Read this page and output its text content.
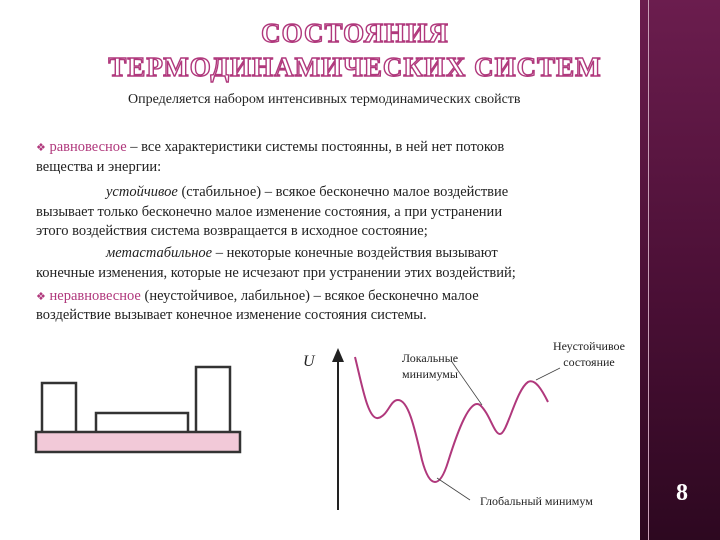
СОСТОЯНИЯ
ТЕРМОДИНАМИЧЕСКИХ СИСТЕМ
Определяется набором интенсивных термодинамических свойств
❖ равновесное – все характеристики системы постоянны, в ней нет потоков
вещества и энергии:
устойчивое (стабильное) – всякое бесконечно малое воздействие
вызывает только бесконечно малое изменение состояния, а при устранении
этого воздействия система возвращается в исходное состояние;
метастабильное – некоторые конечные воздействия вызывают
конечные изменения, которые не исчезают при устранении этих воздействий;
❖ неравновесное (неустойчивое, лабильное) – всякое бесконечно малое
воздействие вызывает конечное изменение состояния системы.
U	Локальные минимумы
Неустойчивое состояние
Глобальный минимум	8
